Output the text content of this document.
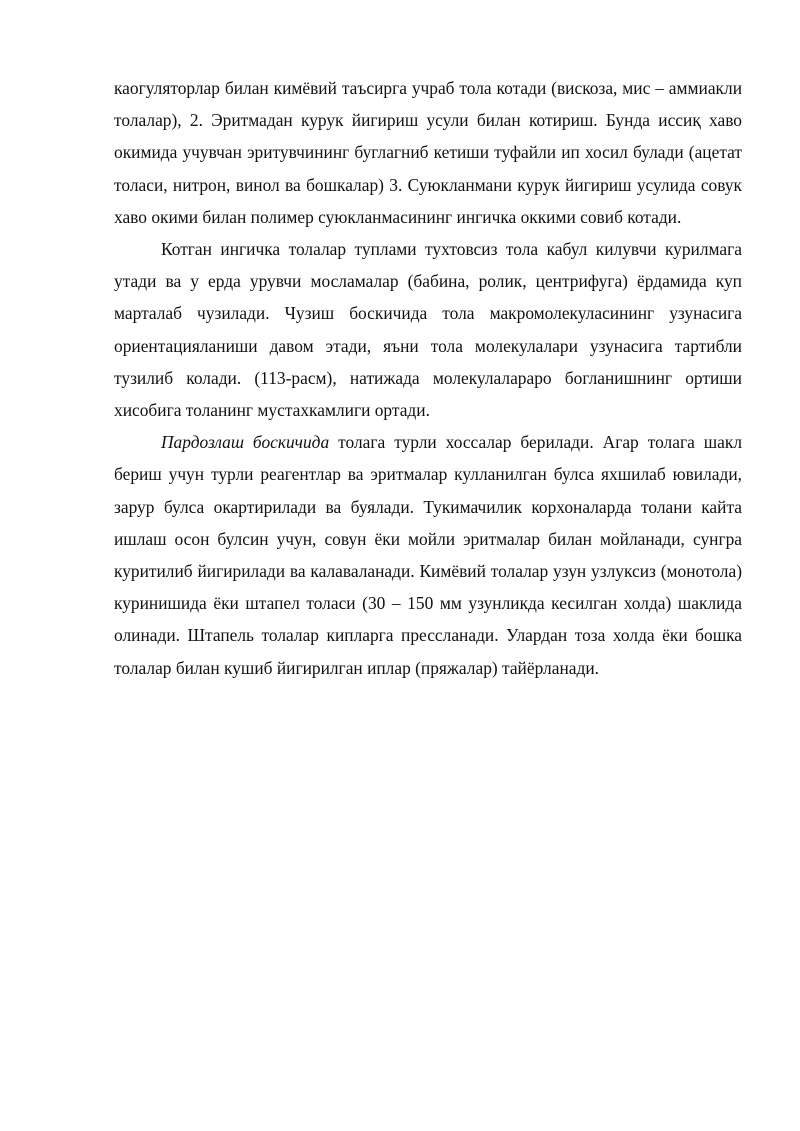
каогуляторлар билан кимёвий таъсирга учраб тола котади (вискоза, мис – аммиакли толалар), 2. Эритмадан курук йигириш усули билан котириш. Бунда иссиқ хаво окимида учувчан эритувчининг буглагниб кетиши туфайли ип хосил булади (ацетат толаси, нитрон, винол ва бошкалар) 3. Суюкланмани курук йигириш усулида совук хаво окими билан полимер суюкланмасининг ингичка оккими совиб котади.

Котган ингичка толалар туплами тухтовсиз тола кабул килувчи курилмага утади ва у ерда урувчи мосламалар (бабина, ролик, центрифуга) ёрдамида куп марталаб чузилади. Чузиш боскичида тола макромолекуласининг узунасига ориентацияланиши давом этади, яъни тола молекулалари узунасига тартибли тузилиб колади. (113-расм), натижада молекулалараро богланишнинг ортиши хисобига толанинг мустахкамлиги ортади.

Пардозлаш боскичида толага турли хоссалар берилади. Агар толага шакл бериш учун турли реагентлар ва эритмалар кулланилган булса яхшилаб ювилади, зарур булса окартирилади ва буялади. Тукимачилик корхоналарда толани кайта ишлаш осон булсин учун, совун ёки мойли эритмалар билан мойланади, сунгра куритилиб йигирилади ва калаваланади. Кимёвий толалар узун узлуксиз (монотола) куринишида ёки штапел толаси (30 – 150 мм узунликда кесилган холда) шаклида олинади. Штапель толалар кипларга прессланади. Улардан тоза холда ёки бошка толалар билан кушиб йигирилган иплар (пряжалар) тайёрланади.
